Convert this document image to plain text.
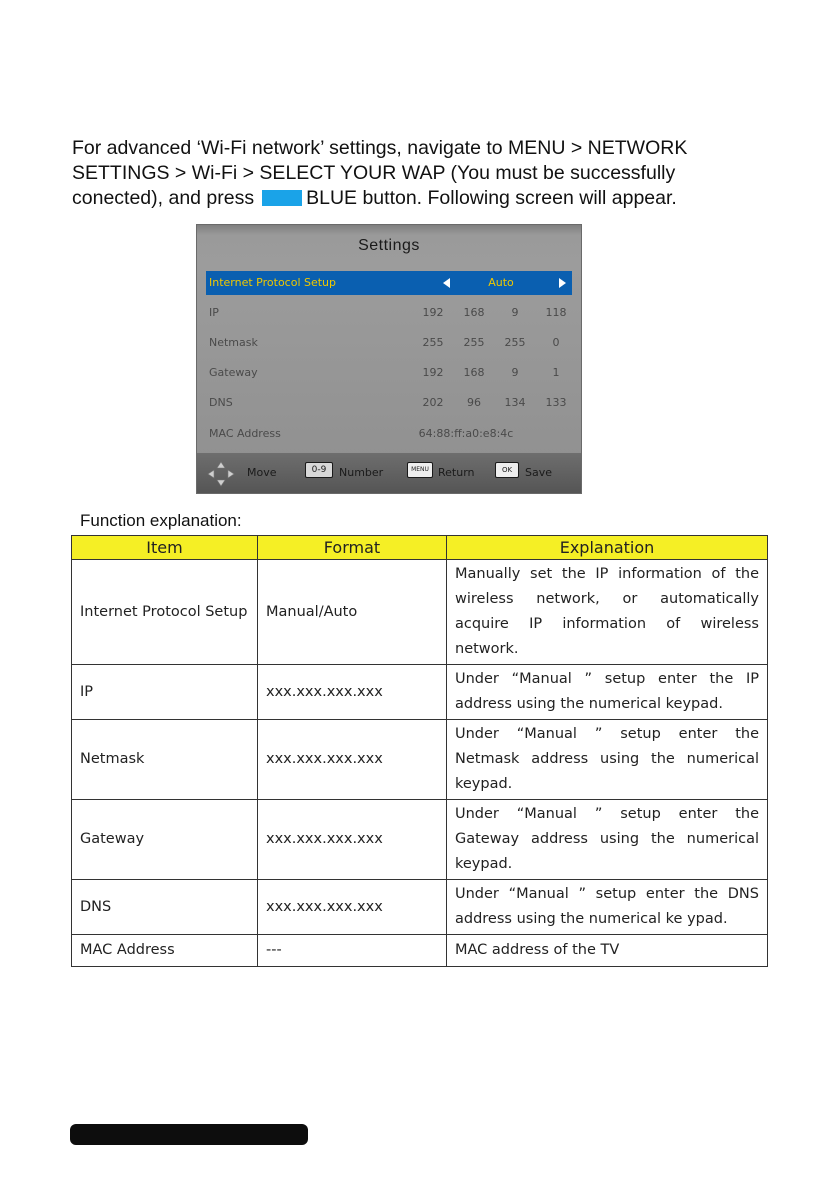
For advanced ‘Wi-Fi network’ settings, navigate to MENU > NETWORK
SETTINGS > Wi-Fi > SELECT YOUR WAP (You must be successfully
conected), and press	BLUE button. Following screen will appear.

Settings
Internet Protocol Setup	Auto
IP	192	168	9	118
Netmask	255	255	255	0
Gateway	192	168	9	1
DNS	202	96	134	133
MAC Address	64:88:ff:a0:e8:4c
Move	0-9	Number	MENU Return	OK	Save
Function explanation:
Item	Format	Explanation
Internet Protocol Setup	Manual/Auto	Manually set the IP information of the wireless network, or automatically acquire IP information of wireless network.
IP	xxx.xxx.xxx.xxx	Under “Manual ” setup enter the IP address using the numerical keypad.
Netmask	xxx.xxx.xxx.xxx	Under “Manual ” setup enter the Netmask address using the numerical keypad.
Gateway	xxx.xxx.xxx.xxx	Under “Manual ” setup enter the Gateway address using the numerical keypad.
DNS	xxx.xxx.xxx.xxx	Under “Manual ” setup enter the DNS address using the numerical ke ypad.
MAC Address	---	MAC address of the TV
